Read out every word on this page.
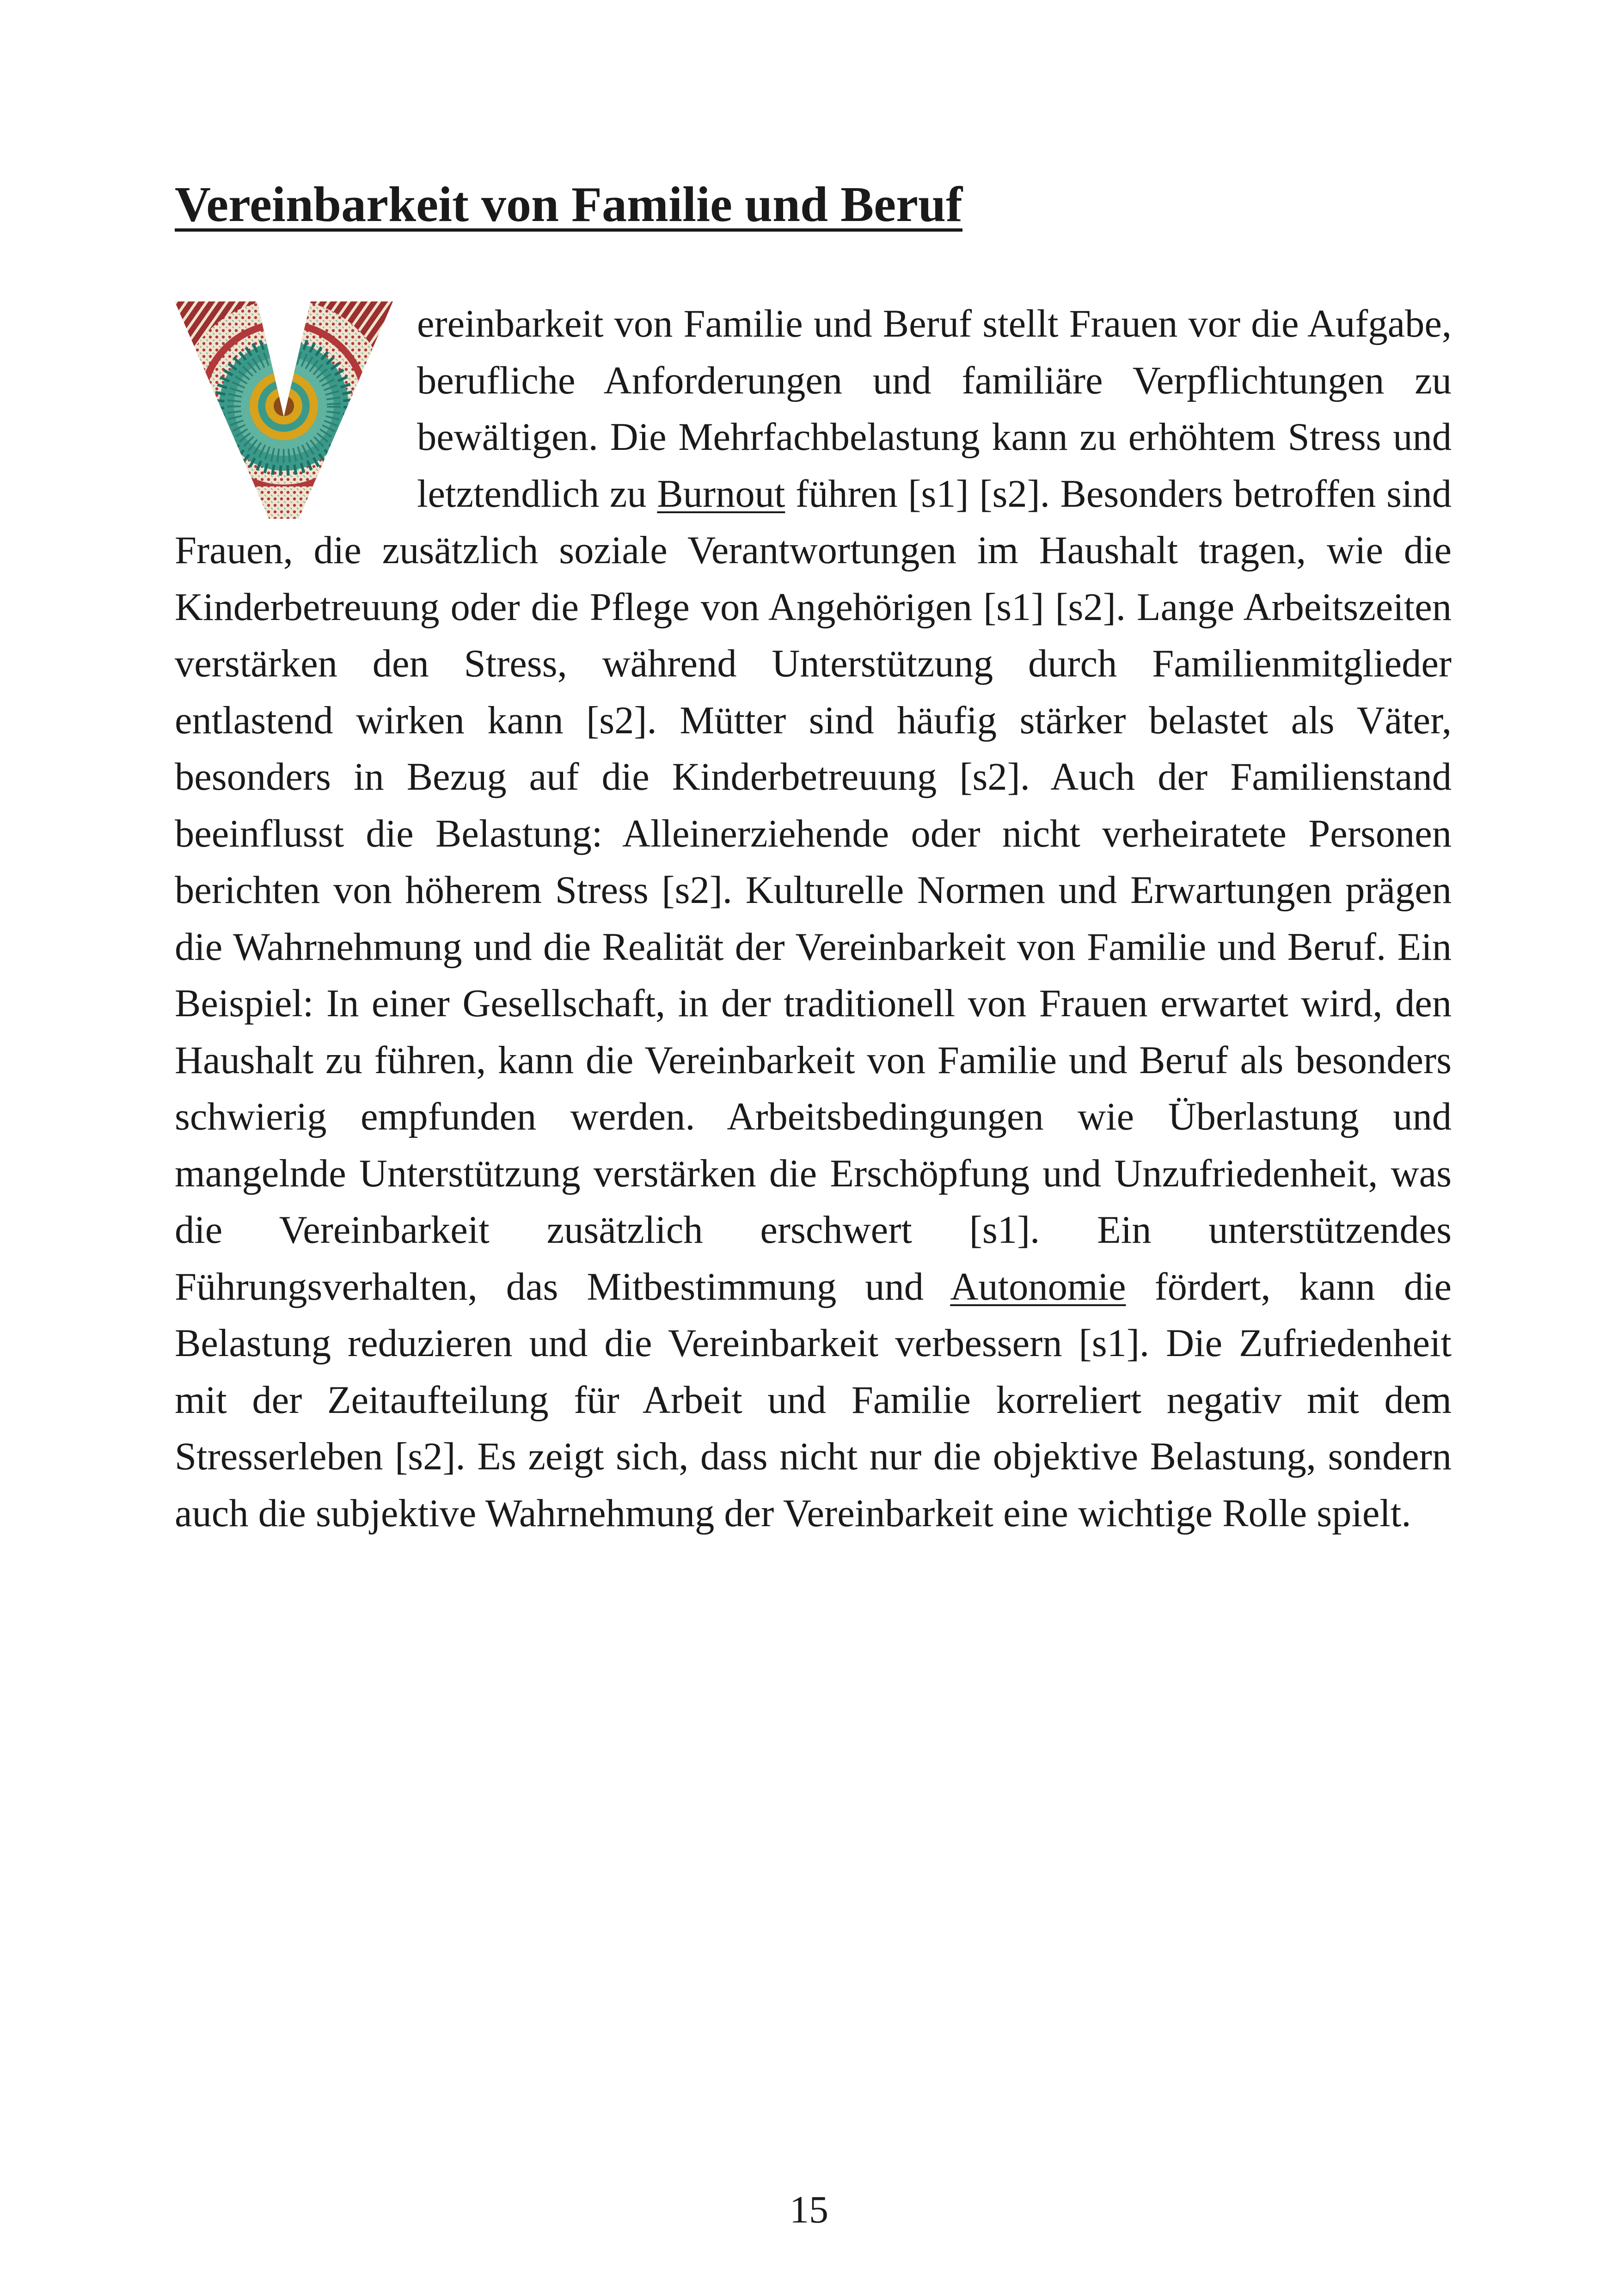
Vereinbarkeit von Familie und Beruf

ereinbarkeit von Familie und Beruf stellt Frauen vor die Aufgabe, berufliche Anforderungen und familiäre Verpflichtungen zu bewältigen. Die Mehrfachbelastung kann zu erhöhtem Stress und letztendlich zu Burnout führen [s1] [s2]. Besonders betroffen sind Frauen, die zusätzlich soziale Verantwortungen im Haushalt tragen, wie die Kinderbetreuung oder die Pflege von Angehörigen [s1] [s2]. Lange Arbeitszeiten verstärken den Stress, während Unterstützung durch Familienmitglieder entlastend wirken kann [s2]. Mütter sind häufig stärker belastet als Väter, besonders in Bezug auf die Kinderbetreuung [s2]. Auch der Familienstand beeinflusst die Belastung: Alleinerziehende oder nicht verheiratete Personen berichten von höherem Stress [s2]. Kulturelle Normen und Erwartungen prägen die Wahrnehmung und die Realität der Vereinbarkeit von Familie und Beruf. Ein Beispiel: In einer Gesellschaft, in der traditionell von Frauen erwartet wird, den Haushalt zu führen, kann die Vereinbarkeit von Familie und Beruf als besonders schwierig empfunden werden. Arbeitsbedingungen wie Überlastung und mangelnde Unterstützung verstärken die Erschöpfung und Unzufriedenheit, was die Vereinbarkeit zusätzlich erschwert [s1]. Ein unterstützendes Führungsverhalten, das Mitbestimmung und Autonomie fördert, kann die Belastung reduzieren und die Vereinbarkeit verbessern [s1]. Die Zufriedenheit mit der Zeitaufteilung für Arbeit und Familie korreliert negativ mit dem Stresserleben [s2]. Es zeigt sich, dass nicht nur die objektive Belastung, sondern auch die subjektive Wahrnehmung der Vereinbarkeit eine wichtige Rolle spielt.

15
